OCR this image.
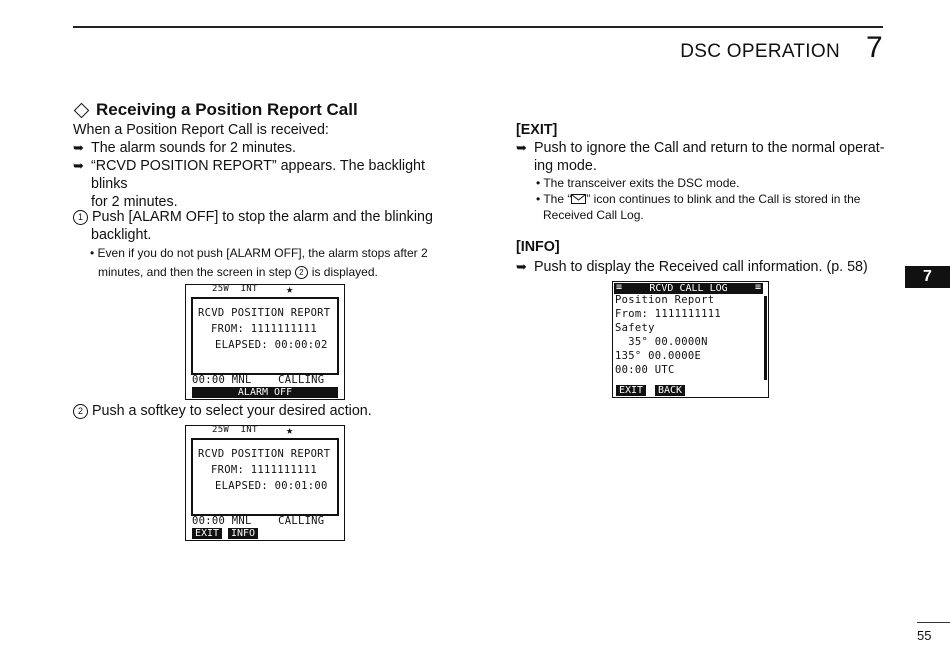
DSC OPERATION 7
Receiving a Position Report Call
When a Position Report Call is received:
➥ The alarm sounds for 2 minutes.
➥ “RCVD POSITION REPORT” appears. The backlight blinks
for 2 minutes.
1 Push [ALARM OFF] to stop the alarm and the blinking
backlight.
• Even if you do not push [ALARM OFF], the alarm stops after 2
minutes, and then the screen in step 2 is displayed.
25W  INT ★
RCVD POSITION REPORT
FROM: 1111111111
ELAPSED: 00:00:02
00:00 MNL    CALLING
ALARM OFF
2 Push a softkey to select your desired action.
25W  INT ★
RCVD POSITION REPORT
FROM: 1111111111
ELAPSED: 00:01:00
00:00 MNL    CALLING
EXIT	INFO
[EXIT]
➥ Push to ignore the Call and return to the normal operat-
ing mode.
• The transceiver exits the DSC mode.
• The “ ” icon continues to blink and the Call is stored in the
Received Call Log.
[INFO]
➥ Push to display the Received call information. (p. 58)
RCVD CALL LOG
≡	≡
Position Report
From: 1111111111
Safety
35° 00.0000N
135° 00.0000E
00:00 UTC
EXIT	BACK
7
55
